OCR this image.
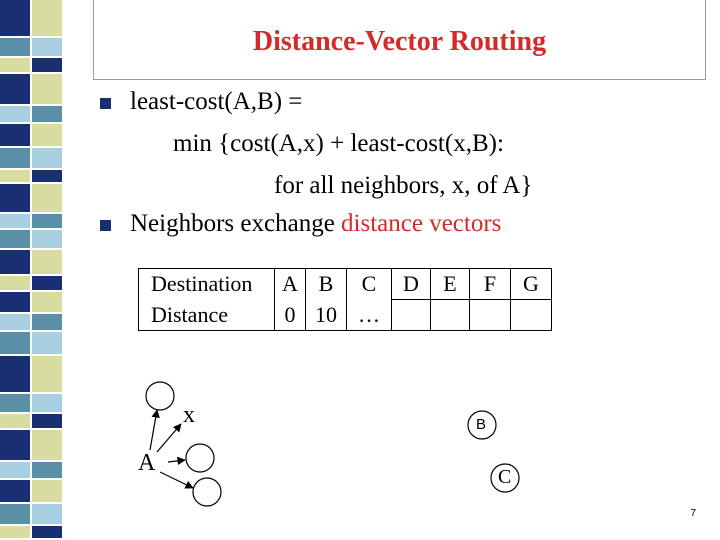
Distance-Vector Routing
least-cost(A,B) =
min {cost(A,x) + least-cost(x,B):
for all neighbors, x, of A}
Neighbors exchange distance vectors
Destination	A	B	C	D	E	F	G
Distance	0	10	…				
x
A
B
C
7
